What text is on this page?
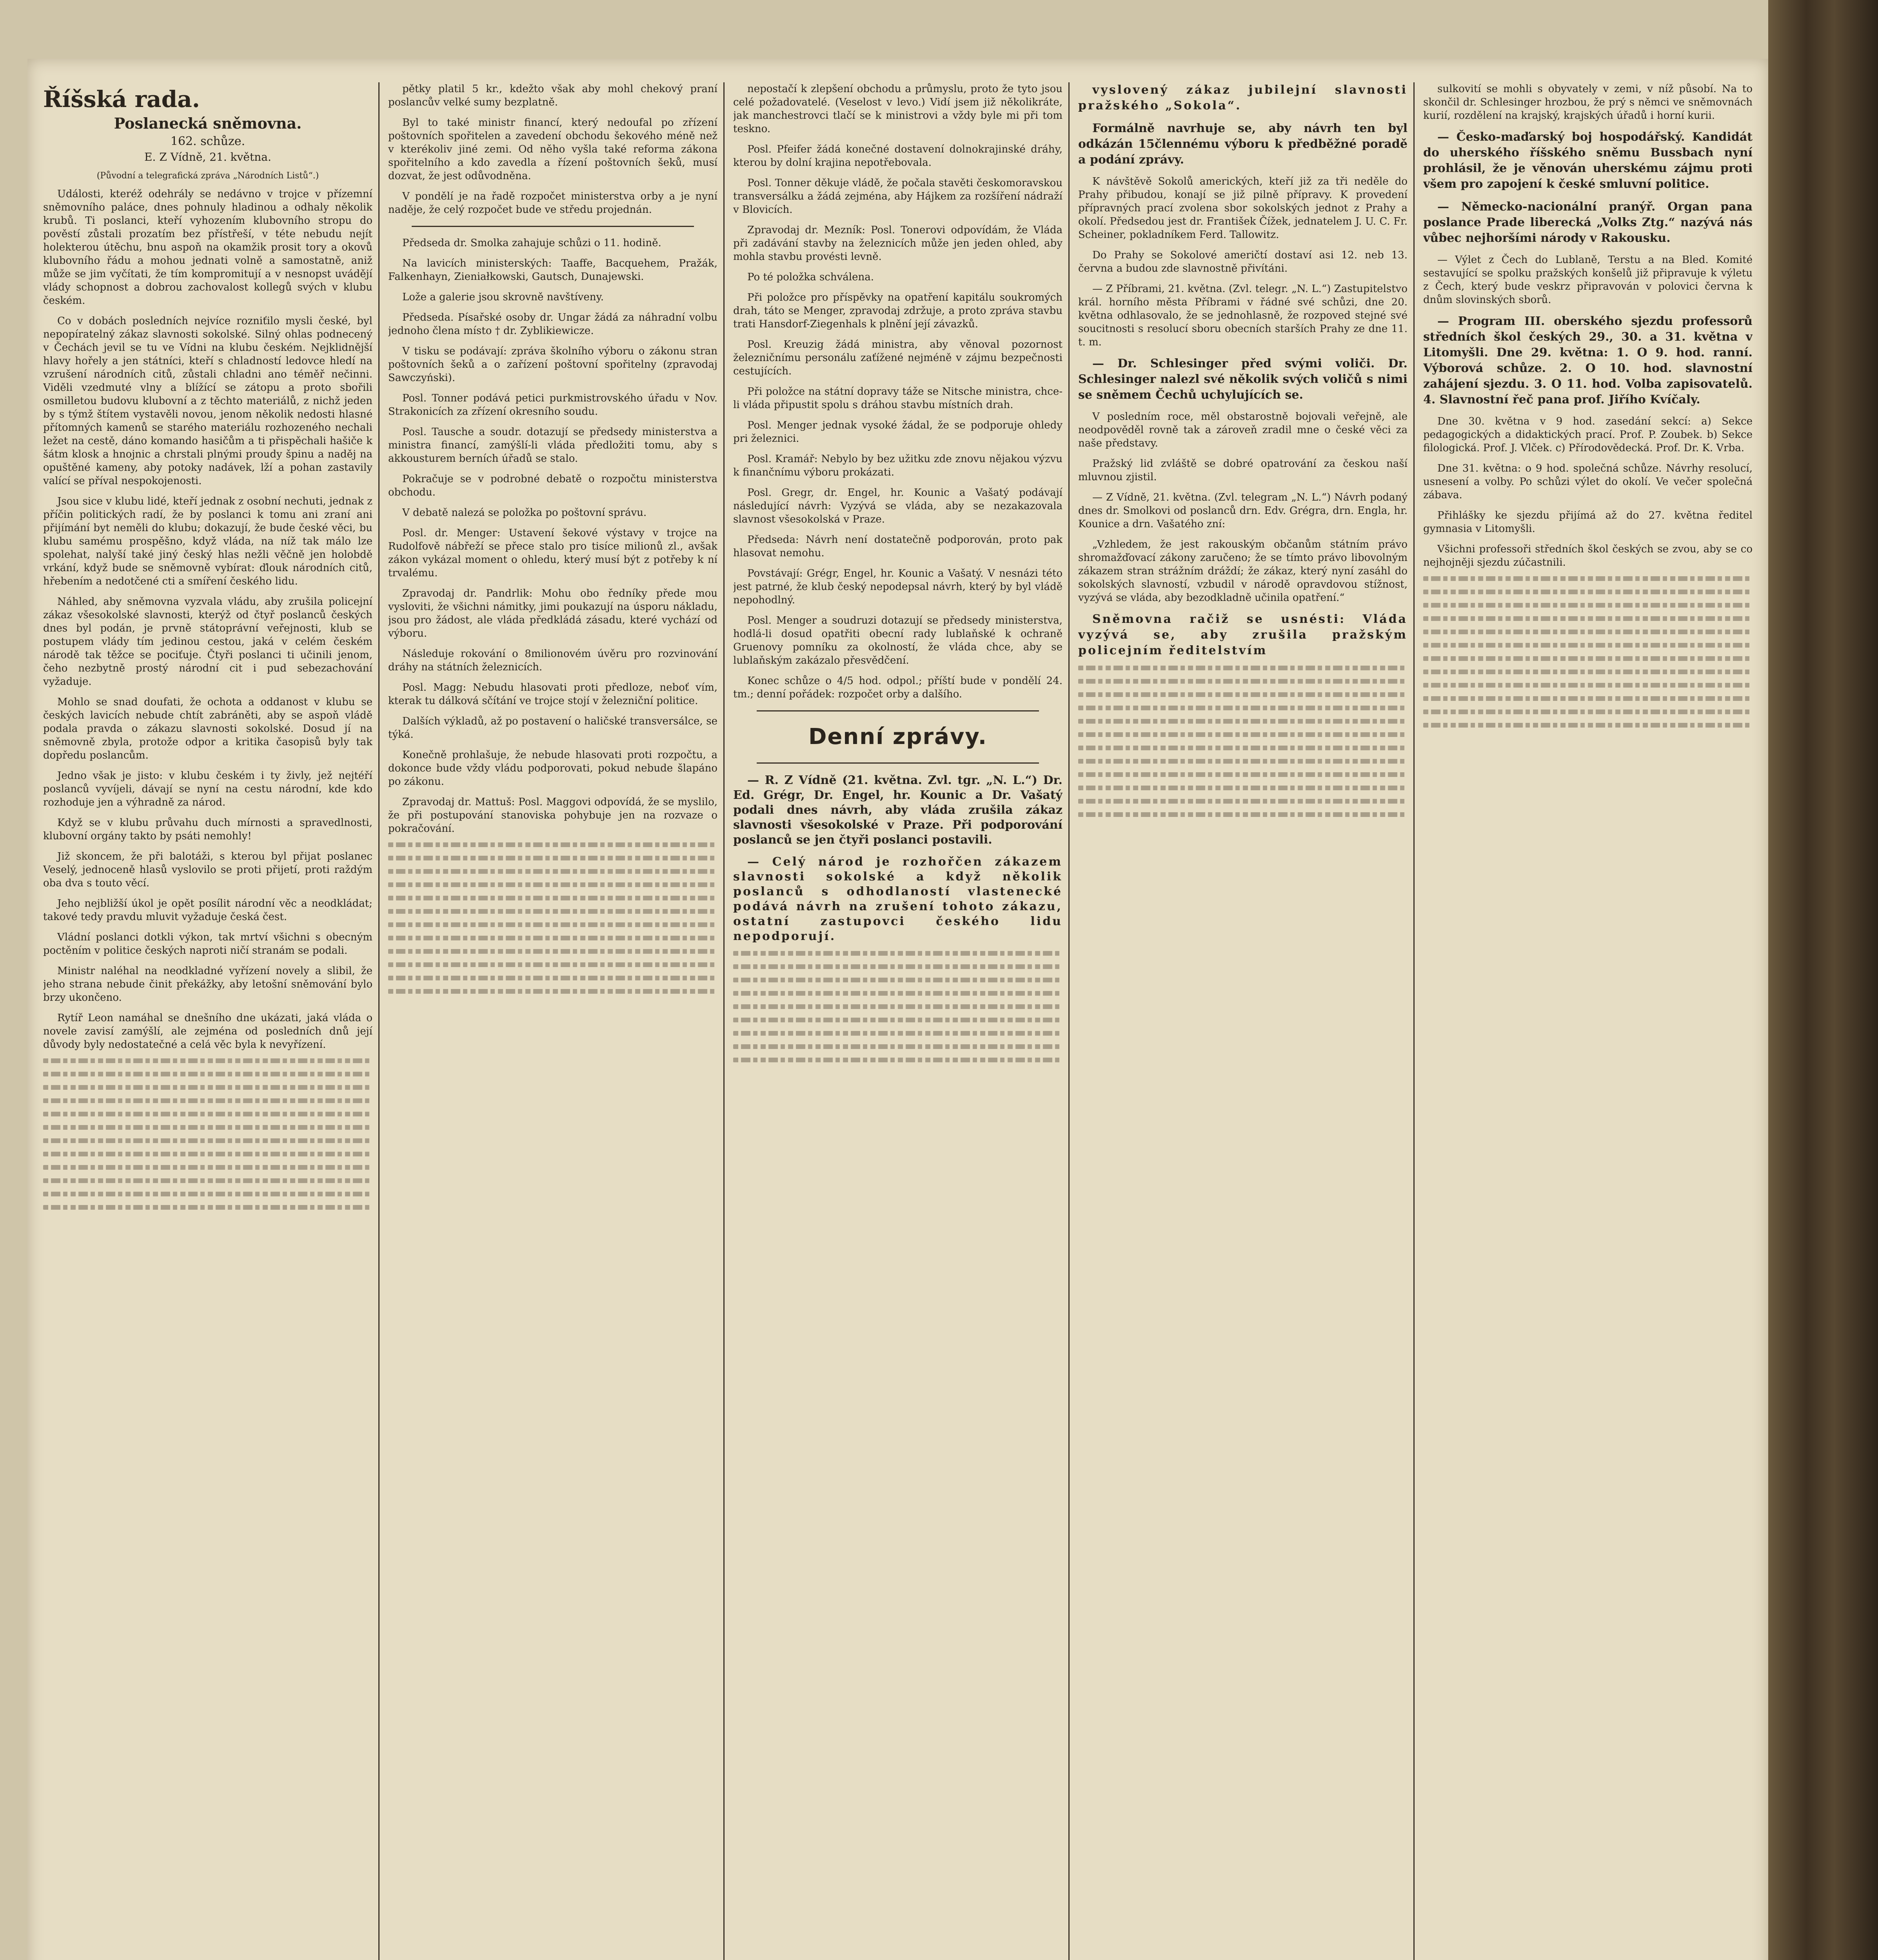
Říšská rada.
Poslanecká sněmovna.
162. schůze.
E. Z Vídně, 21. května.
(Původní a telegrafická zpráva „Národních Listů“.)

Události, kteréž odehrály se nedávno v trojce v přízemní sněmovního paláce, dnes pohnuly hladinou a odhaly několik krubů. Ti poslanci, kteří vyhozením klubovního stropu do pověstí zůstali prozatím bez přístřeší, v téte nebudu nejít holekterou útěchu, bnu aspoň na okamžik prosit tory a okovů klubovního řádu a mohou jednati volně a samostatně, aniž může se jim vyčítati, že tím kompromitují a v nesnopst uvádějí vlády schopnost a dobrou zachovalost kollegů svých v klubu českém.

Co v dobách posledních nejvíce rozniťilo mysli české, byl nepopíratelný zákaz slavnosti sokolské. Silný ohlas podnecený v Čechách jevil se tu ve Vídni na klubu českém. Nejklidnější hlavy hořely a jen státníci, kteří s chladností ledovce hledí na vzrušení národních citů, zůstali chladni ano téměř nečinni. Viděli vzedmuté vlny a blížící se zátopu a proto sbořili osmilletou budovu klubovní a z těchto materiálů, z nichž jeden by s týmž štítem vystavěli novou, jenom několik nedosti hlasné přítomných kamenů se starého materiálu rozhozeného nechali ležet na cestě, dáno komando hasičům a ti přispěchali hašiče k šátm klosk a hnojnic a chrstali plnými proudy špinu a naděj na opuštěné kameny, aby potoky nadávek, lží a pohan zastavily valící se příval nespokojenosti.

Jsou sice v klubu lidé, kteří jednak z osobní nechuti, jednak z příčin politických radí, že by poslanci k tomu ani zraní ani přijímání byt neměli do klubu; dokazují, že bude české věci, bu klubu samému prospěšno, když vláda, na níž tak málo lze spolehat, nalyší také jiný český hlas nežli věčně jen holobdě vrkání, když bude se sněmovně vybírat: ďlouk národních citů, hřebením a nedotčené cti a smíření českého lidu.

Náhled, aby sněmovna vyzvala vládu, aby zrušila policejní zákaz všesokolské slavnosti, kterýž od čtyř poslanců českých dnes byl podán, je prvně státoprávní veřejnosti, klub se postupem vlády tím jedinou cestou, jaká v celém českém národě tak těžce se pociťuje. Čtyři poslanci ti učinili jenom, čeho nezbytně prostý národní cit i pud sebezachování vyžaduje.

Mohlo se snad doufati, že ochota a oddanost v klubu se českých lavicích nebude chtít zabráněti, aby se aspoň vládě podala pravda o zákazu slavnosti sokolské. Dosud jí na sněmovně zbyla, protože odpor a kritika časopisů byly tak dopředu poslancům.

Jedno však je jisto: v klubu českém i ty živly, jež nejtéří poslanců vyvíjeli, dávají se nyní na cestu národní, kde kdo rozhoduje jen a výhradně za národ.

Když se v klubu průvahu duch mírnosti a spravedlnosti, klubovní orgány takto by psáti nemohly!

Již skoncem, že při balotáži, s kterou byl přijat poslanec Veselý, jednoceně hlasů vyslovilo se proti přijetí, proti raždým oba dva s touto věcí.

Jeho nejbližší úkol je opět posílit národní věc a neodkládat; takové tedy pravdu mluvit vyžaduje česká čest.

Vládní poslanci dotkli výkon, tak mrtví všichni s obecným poctěním v politice českých naproti ničí stranám se podali.

Ministr naléhal na neodkladné vyřízení novely a slibil, že jeho strana nebude činit překážky, aby letošní sněmování bylo brzy ukončeno.

Rytíř Leon namáhal se dnešního dne ukázati, jaká vláda o novele zavisí zamýšlí, ale zejména od posledních dnů její důvody byly nedostatečné a celá věc byla k nevyřízení.

pětky platil 5 kr., kdežto však aby mohl chekový praní poslancův velké sumy bezplatně.

Byl to také ministr financí, který nedoufal po zřízení poštovních spořitelen a zavedení obchodu šekového méně než v kterékoliv jiné zemi. Od něho vyšla také reforma zákona spořitelního a kdo zavedla a řízení poštovních šeků, musí dozvat, že jest odůvodněna.

V pondělí je na řadě rozpočet ministerstva orby a je nyní naděje, že celý rozpočet bude ve středu projednán.

Předseda dr. Smolka zahajuje schůzi o 11. hodině.

Na lavicích ministerských: Taaffe, Bacquehem, Pražák, Falkenhayn, Zieniałkowski, Gautsch, Dunajewski.

Lože a galerie jsou skrovně navštíveny.

Předseda. Písařské osoby dr. Ungar žádá za náhradní volbu jednoho člena místo † dr. Zyblikiewicze.

V tisku se podávají: zpráva školního výboru o zákonu stran poštovních šeků a o zařízení poštovní spořitelny (zpravodaj Sawczyński).

Posl. Tonner podává petici purkmistrovského úřadu v Nov. Strakonicích za zřízení okresního soudu.

Posl. Tausche a soudr. dotazují se předsedy ministerstva a ministra financí, zamýšlí-li vláda předložiti tomu, aby s akkousturem berních úřadů se stalo.

Pokračuje se v podrobné debatě o rozpočtu ministerstva obchodu.

V debatě nalezá se položka po poštovní správu.

Posl. dr. Menger: Ustavení šekové výstavy v trojce na Rudolfově nábřeží se přece stalo pro tisíce milionů zl., avšak zákon vykázal moment o ohledu, který musí být z potřeby k ní trvalému.

Zpravodaj dr. Pandrlik: Mohu obo ředníky přede mou vysloviti, že všichni námitky, jimi poukazují na úsporu nákladu, jsou pro žádost, ale vláda předkládá zásadu, které vychází od výboru.

Následuje rokování o 8milionovém úvěru pro rozvinování dráhy na státních železnicích.

Posl. Magg: Nebudu hlasovati proti předloze, neboť vím, kterak tu dálková sčítání ve trojce stojí v železniční politice.

Dalších výkladů, až po postavení o haličské transversálce, se týká.

Konečně prohlašuje, že nebude hlasovati proti rozpočtu, a dokonce bude vždy vládu podporovati, pokud nebude šlapáno po zákonu.

Zpravodaj dr. Mattuš: Posl. Maggovi odpovídá, že se myslilo, že při postupování stanoviska pohybuje jen na rozvaze o pokračování.

nepostačí k zlepšení obchodu a průmyslu, proto že tyto jsou celé požadovatelé. (Veselost v levo.) Vidí jsem již několikráte, jak manchestrovci tlačí se k ministrovi a vždy byle mi při tom teskno.

Posl. Pfeifer žádá konečné dostavení dolnokrajinské dráhy, kterou by dolní krajina nepotřebovala.

Posl. Tonner děkuje vládě, že počala stavěti českomoravskou transversálku a žádá zejména, aby Hájkem za rozšíření nádraží v Blovicích.

Zpravodaj dr. Mezník: Posl. Tonerovi odpovídám, že Vláda při zadávání stavby na železnicích může jen jeden ohled, aby mohla stavbu provésti levně.

Po té položka schválena.

Při položce pro příspěvky na opatření kapitálu soukromých drah, táto se Menger, zpravodaj zdržuje, a proto zpráva stavbu trati Hansdorf-Ziegenhals k plnění její závazků.

Posl. Kreuzig žádá ministra, aby věnoval pozornost železničnímu personálu zaťížené nejméně v zájmu bezpečnosti cestujících.

Při položce na státní dopravy táže se Nitsche ministra, chce-li vláda připustit spolu s dráhou stavbu místních drah.

Posl. Menger jednak vysoké žádal, že se podporuje ohledy pri železnici.

Posl. Kramář: Nebylo by bez užitku zde znovu nějakou výzvu k finančnímu výboru prokázati.

Posl. Gregr, dr. Engel, hr. Kounic a Vašatý podávají následující návrh: Vyzývá se vláda, aby se nezakazovala slavnost všesokolská v Praze.

Předseda: Návrh není dostatečně podporován, proto pak hlasovat nemohu.

Povstávají: Grégr, Engel, hr. Kounic a Vašatý. V nesnázi této jest patrné, že klub český nepodepsal návrh, který by byl vládě nepohodlný.

Posl. Menger a soudruzi dotazují se předsedy ministerstva, hodlá-li dosud opatřiti obecní rady lublaňské k ochraně Gruenovy pomníku za okolností, že vláda chce, aby se lublaňským zakázalo přesvědčení.

Konec schůze o 4/5 hod. odpol.; příští bude v pondělí 24. tm.; denní pořádek: rozpočet orby a dalšího.

Denní zprávy.

— R. Z Vídně (21. května. Zvl. tgr. „N. L.“) Dr. Ed. Grégr, Dr. Engel, hr. Kounic a Dr. Vašatý podali dnes návrh, aby vláda zrušila zákaz slavnosti všesokolské v Praze. Při podporování poslanců se jen čtyři poslanci postavili.

— Celý národ je rozhořčen zákazem slavnosti sokolské a když několik poslanců s odhodlaností vlastenecké podává návrh na zrušení tohoto zákazu, ostatní zastupovci českého lidu nepodporují.

vyslovený zákaz jubilejní slavnosti pražského „Sokola“.

Formálně navrhuje se, aby návrh ten byl odkázán 15člennému výboru k předběžné poradě a podání zprávy.

K návštěvě Sokolů amerických, kteří již za tři neděle do Prahy přibudou, konají se již pilně přípravy. K provedení přípravných prací zvolena sbor sokolských jednot z Prahy a okolí. Předsedou jest dr. František Čížek, jednatelem J. U. C. Fr. Scheiner, pokladníkem Ferd. Tallowitz.

Do Prahy se Sokolové američtí dostaví asi 12. neb 13. června a budou zde slavnostně přivítáni.

— Z Příbrami, 21. května. (Zvl. telegr. „N. L.“) Zastupitelstvo král. horního města Příbrami v řádné své schůzi, dne 20. května odhlasovalo, že se jednohlasně, že rozpoved stejné své soucitnosti s resolucí sboru obecních starších Prahy ze dne 11. t. m.

— Dr. Schlesinger před svými voliči. Dr. Schlesinger nalezl své několik svých voličů s nimi se sněmem Čechů uchylujících se.

V posledním roce, měl obstarostně bojovali veřejně, ale neodpověděl rovně tak a zároveň zradil mne o české věci za naše představy.

Pražský lid zvláště se dobré opatrování za českou naší mluvnou zjistil.

— Z Vídně, 21. května. (Zvl. telegram „N. L.“) Návrh podaný dnes dr. Smolkovi od poslanců drn. Edv. Grégra, drn. Engla, hr. Kounice a drn. Vašatého zní:

„Vzhledem, že jest rakouským občanům státním právo shromažďovací zákony zaručeno; že se tímto právo libovolným zákazem stran strážním dráždí; že zákaz, který nyní zasáhl do sokolských slavností, vzbudil v národě opravdovou stížnost, vyzývá se vláda, aby bezodkladně učinila opatření.“

Sněmovna račiž se usnésti: Vláda vyzývá se, aby zrušila pražským policejním ředitelstvím

sulkovití se mohli s obyvately v zemi, v níž působí. Na to skončil dr. Schlesinger hrozbou, že prý s němci ve sněmovnách kurií, rozdělení na krajský, krajských úřadů i horní kurii.

— Česko-maďarský boj hospodářský. Kandidát do uherského říšského sněmu Bussbach nyní prohlásil, že je věnován uherskému zájmu proti všem pro zapojení k české smluvní politice.

— Německo-nacionální pranýř. Organ pana poslance Prade liberecká „Volks Ztg.“ nazývá nás vůbec nejhoršími národy v Rakousku.

— Výlet z Čech do Lublaně, Terstu a na Bled. Komité sestavující se spolku pražských konšelů již připravuje k výletu z Čech, který bude veskrz připravován v polovici června k dnům slovinských sborů.

— Program III. oberského sjezdu professorů středních škol českých 29., 30. a 31. května v Litomyšli. Dne 29. května: 1. O 9. hod. ranní. Výborová schůze. 2. O 10. hod. slavnostní zahájení sjezdu. 3. O 11. hod. Volba zapisovatelů. 4. Slavnostní řeč pana prof. Jiřího Kvíčaly.

Dne 30. května v 9 hod. zasedání sekcí: a) Sekce pedagogických a didaktických prací. Prof. P. Zoubek. b) Sekce filologická. Prof. J. Vlček. c) Přírodovědecká. Prof. Dr. K. Vrba.

Dne 31. května: o 9 hod. společná schůze. Návrhy resolucí, usnesení a volby. Po schůzi výlet do okolí. Ve večer společná zábava.

Přihlášky ke sjezdu přijímá až do 27. května ředitel gymnasia v Litomyšli.

Všichni professoři středních škol českých se zvou, aby se co nejhojněji sjezdu zúčastnili.
